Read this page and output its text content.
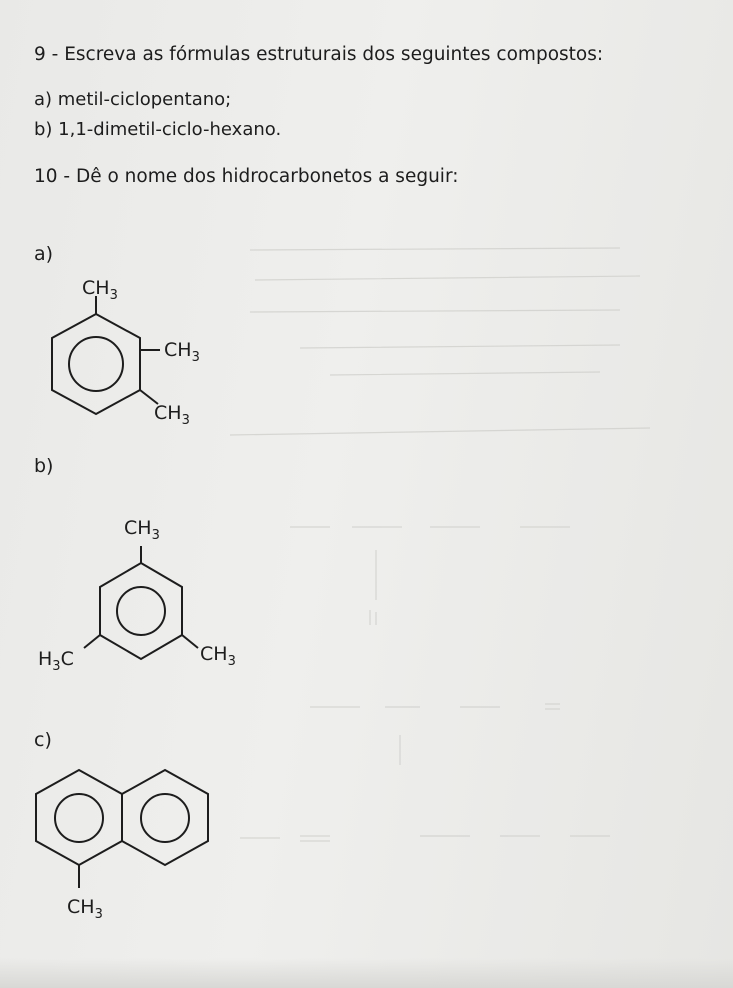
9 - Escreva as fórmulas estruturais dos seguintes compostos:
a) metil-ciclopentano;
b) 1,1-dimetil-ciclo-hexano.
10 - Dê o nome dos hidrocarbonetos a seguir:
a)
b)
c)
$CH_3$
$CH_3$
$CH_3$
$CH_3$
$H_3C$	$CH_3$
$CH_3$
